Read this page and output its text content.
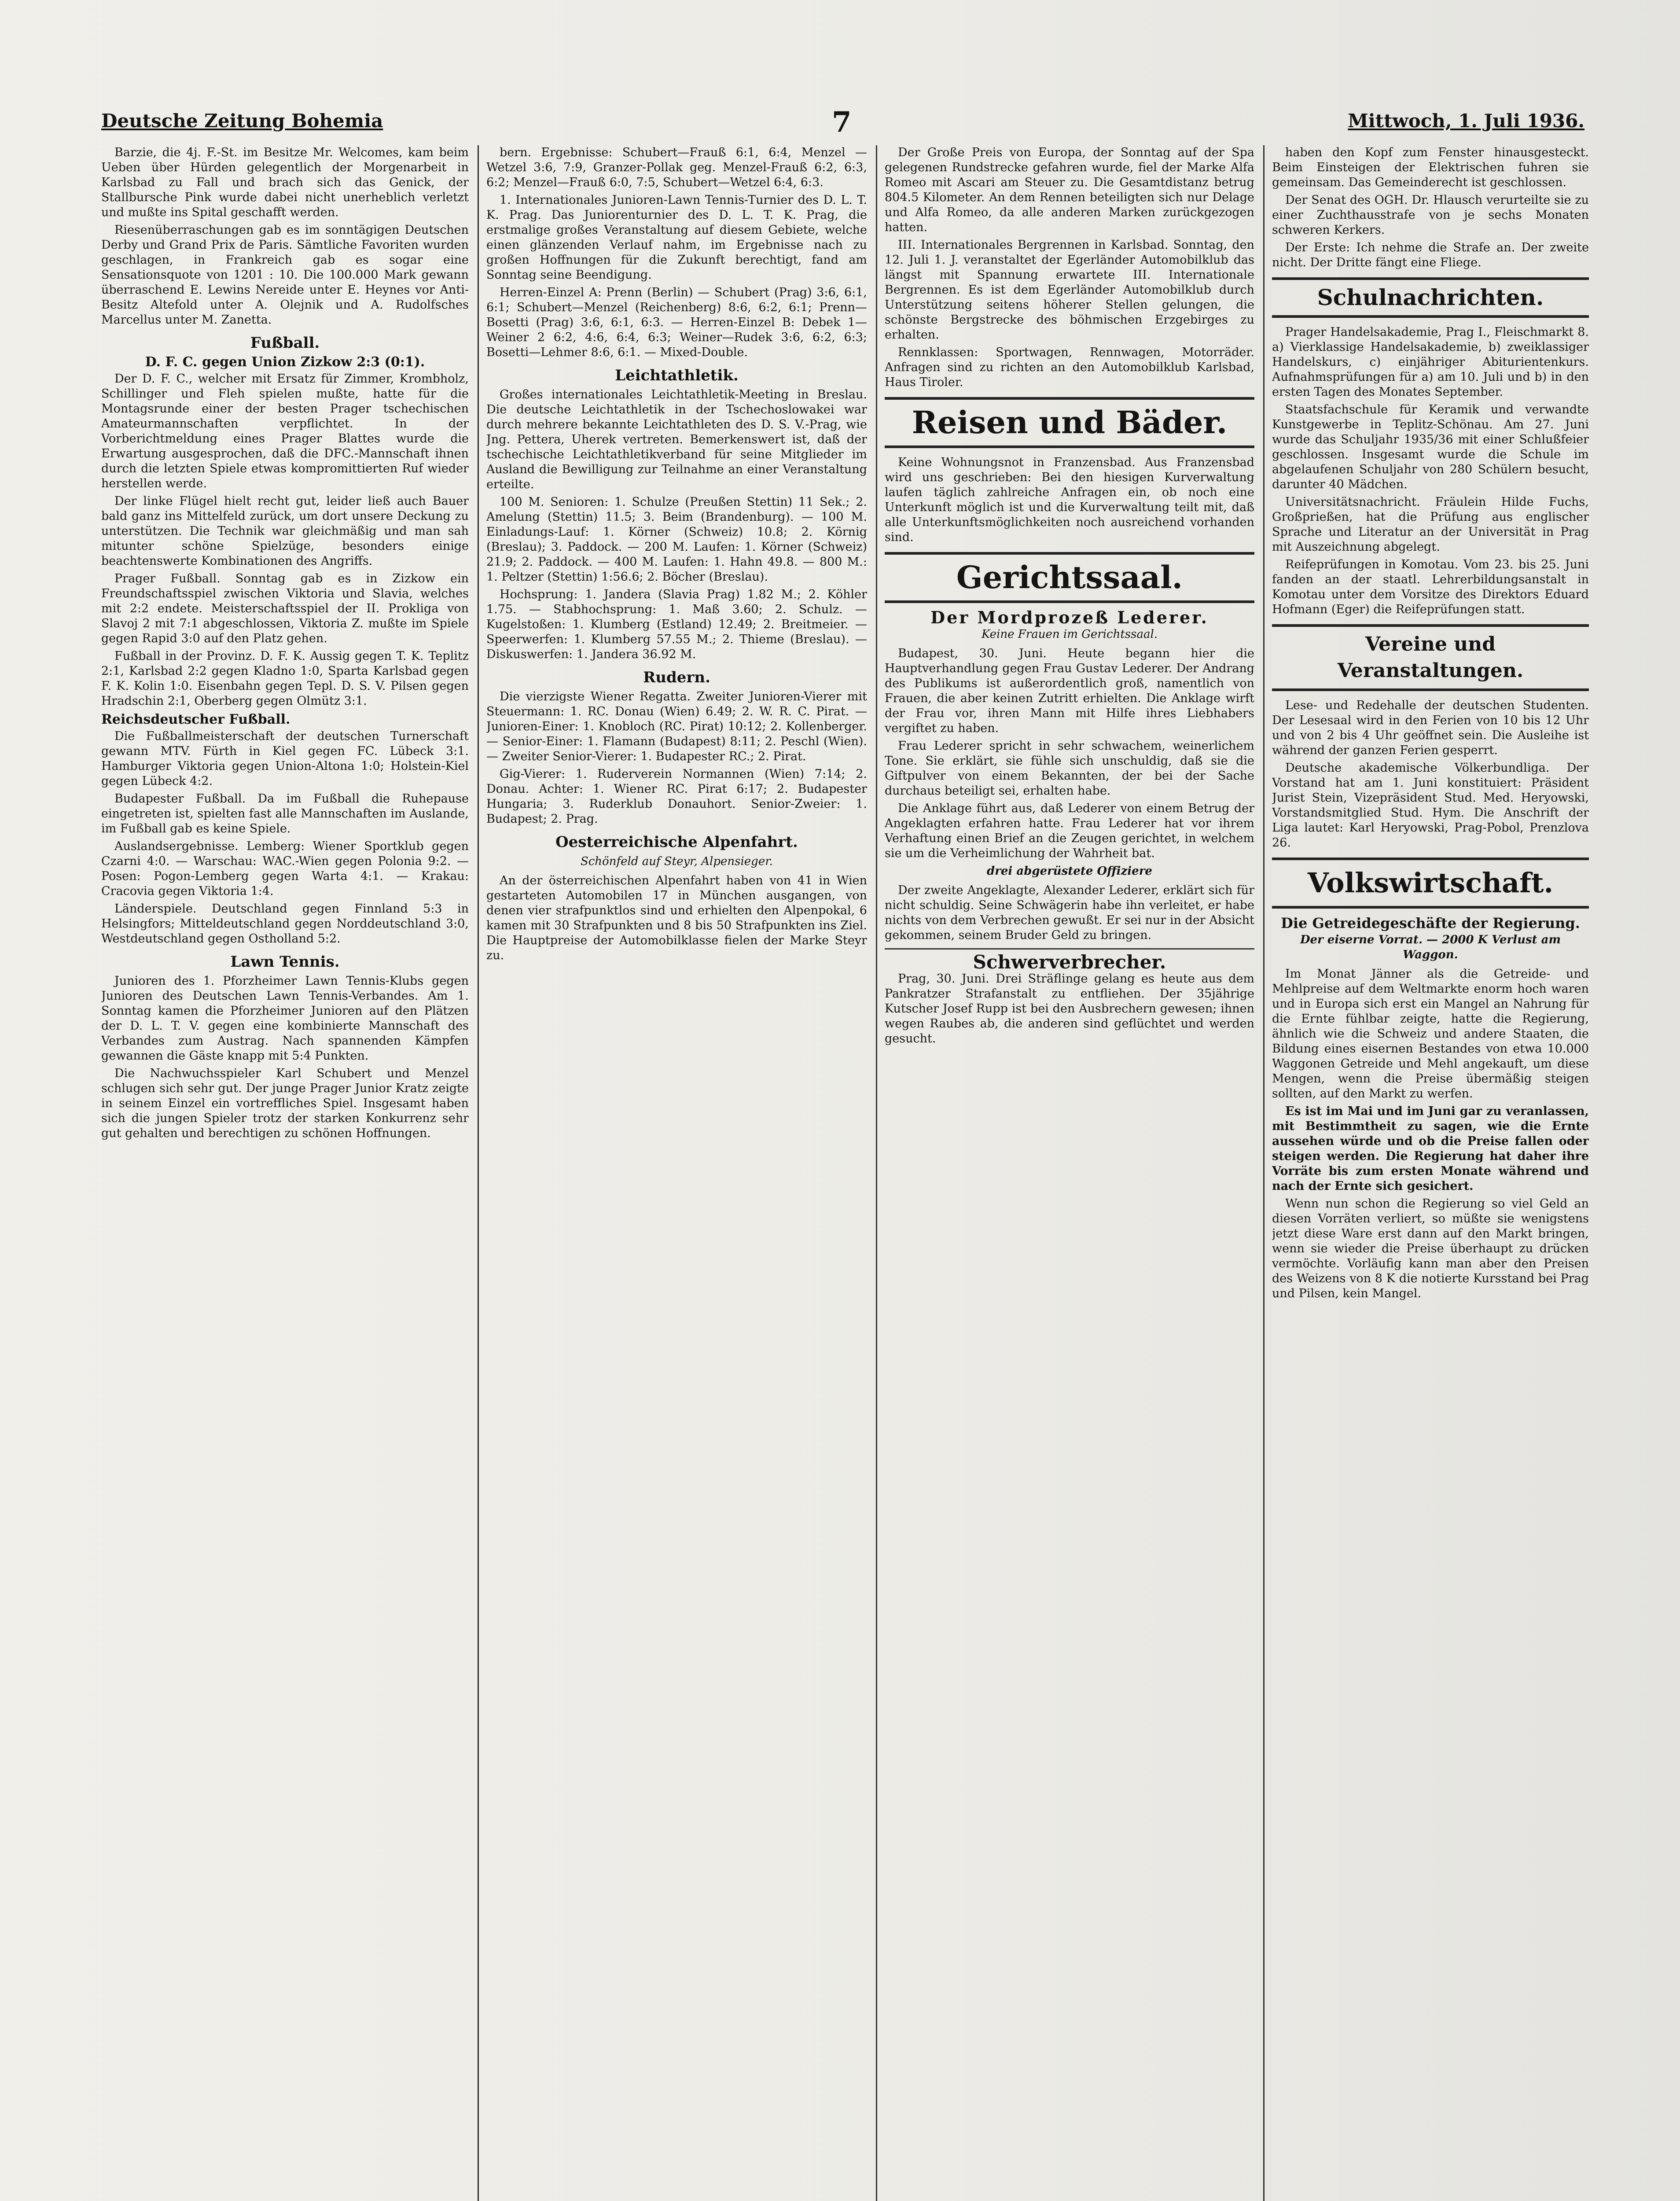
Deutsche Zeitung Bohemia	7	Mittwoch, 1. Juli 1936.

Barzie, die 4j. F.-St. im Besitze Mr. Welcomes, kam beim Ueben über Hürden gelegentlich der Morgenarbeit in Karlsbad zu Fall und brach sich das Genick, der Stallbursche Pink wurde dabei nicht unerheblich verletzt und mußte ins Spital geschafft werden.

Riesenüberraschungen gab es im sonntägigen Deutschen Derby und Grand Prix de Paris. Sämtliche Favoriten wurden geschlagen, in Frankreich gab es sogar eine Sensationsquote von 1201 : 10. Die 100.000 Mark gewann überraschend E. Lewins Nereide unter E. Heynes vor Anti-Besitz Altefold unter A. Olejnik und A. Rudolfsches Marcellus unter M. Zanetta.

Fußball.
D. F. C. gegen Union Zizkow 2:3 (0:1).

Der D. F. C., welcher mit Ersatz für Zimmer, Krombholz, Schillinger und Fleh spielen mußte, hatte für die Montagsrunde einer der besten Prager tschechischen Amateurmannschaften verpflichtet. In der Vorberichtmeldung eines Prager Blattes wurde die Erwartung ausgesprochen, daß die DFC.-Mannschaft ihnen durch die letzten Spiele etwas kompromittierten Ruf wieder herstellen werde.

Der linke Flügel hielt recht gut, leider ließ auch Bauer bald ganz ins Mittelfeld zurück, um dort unsere Deckung zu unterstützen. Die Technik war gleichmäßig und man sah mitunter schöne Spielzüge, besonders einige beachtenswerte Kombinationen des Angriffs.

Prager Fußball. Sonntag gab es in Zizkow ein Freundschaftsspiel zwischen Viktoria und Slavia, welches mit 2:2 endete. Meisterschaftsspiel der II. Prokliga von Slavoj 2 mit 7:1 abgeschlossen, Viktoria Z. mußte im Spiele gegen Rapid 3:0 auf den Platz gehen.

Fußball in der Provinz. D. F. K. Aussig gegen T. K. Teplitz 2:1, Karlsbad 2:2 gegen Kladno 1:0, Sparta Karlsbad gegen F. K. Kolin 1:0. Eisenbahn gegen Tepl. D. S. V. Pilsen gegen Hradschin 2:1, Oberberg gegen Olmütz 3:1.

Reichsdeutscher Fußball.

Die Fußballmeisterschaft der deutschen Turnerschaft gewann MTV. Fürth in Kiel gegen FC. Lübeck 3:1. Hamburger Viktoria gegen Union-Altona 1:0; Holstein-Kiel gegen Lübeck 4:2.

Budapester Fußball. Da im Fußball die Ruhepause eingetreten ist, spielten fast alle Mannschaften im Auslande, im Fußball gab es keine Spiele.

Auslandsergebnisse. Lemberg: Wiener Sportklub gegen Czarni 4:0. — Warschau: WAC.-Wien gegen Polonia 9:2. — Posen: Pogon-Lemberg gegen Warta 4:1. — Krakau: Cracovia gegen Viktoria 1:4.

Länderspiele. Deutschland gegen Finnland 5:3 in Helsingfors; Mitteldeutschland gegen Norddeutschland 3:0, Westdeutschland gegen Ostholland 5:2.

Lawn Tennis.

Junioren des 1. Pforzheimer Lawn Tennis-Klubs gegen Junioren des Deutschen Lawn Tennis-Verbandes. Am 1. Sonntag kamen die Pforzheimer Junioren auf den Plätzen der D. L. T. V. gegen eine kombinierte Mannschaft des Verbandes zum Austrag. Nach spannenden Kämpfen gewannen die Gäste knapp mit 5:4 Punkten.

Die Nachwuchsspieler Karl Schubert und Menzel schlugen sich sehr gut. Der junge Prager Junior Kratz zeigte in seinem Einzel ein vortreffliches Spiel. Insgesamt haben sich die jungen Spieler trotz der starken Konkurrenz sehr gut gehalten und berechtigen zu schönen Hoffnungen.

bern. Ergebnisse: Schubert—Frauß 6:1, 6:4, Menzel —Wetzel 3:6, 7:9, Granzer-Pollak geg. Menzel-Frauß 6:2, 6:3, 6:2; Menzel—Frauß 6:0, 7:5, Schubert—Wetzel 6:4, 6:3.

1. Internationales Junioren-Lawn Tennis-Turnier des D. L. T. K. Prag. Das Juniorenturnier des D. L. T. K. Prag, die erstmalige großes Veranstaltung auf diesem Gebiete, welche einen glänzenden Verlauf nahm, im Ergebnisse nach zu großen Hoffnungen für die Zukunft berechtigt, fand am Sonntag seine Beendigung.

Herren-Einzel A: Prenn (Berlin) — Schubert (Prag) 3:6, 6:1, 6:1; Schubert—Menzel (Reichenberg) 8:6, 6:2, 6:1; Prenn—Bosetti (Prag) 3:6, 6:1, 6:3. — Herren-Einzel B: Debek 1—Weiner 2 6:2, 4:6, 6:4, 6:3; Weiner—Rudek 3:6, 6:2, 6:3; Bosetti—Lehmer 8:6, 6:1. — Mixed-Double.

Leichtathletik.

Großes internationales Leichtathletik-Meeting in Breslau. Die deutsche Leichtathletik in der Tschechoslowakei war durch mehrere bekannte Leichtathleten des D. S. V.-Prag, wie Jng. Pettera, Uherek vertreten. Bemerkenswert ist, daß der tschechische Leichtathletikverband für seine Mitglieder im Ausland die Bewilligung zur Teilnahme an einer Veranstaltung erteilte.

100 M. Senioren: 1. Schulze (Preußen Stettin) 11 Sek.; 2. Amelung (Stettin) 11.5; 3. Beim (Brandenburg). — 100 M. Einladungs-Lauf: 1. Körner (Schweiz) 10.8; 2. Körnig (Breslau); 3. Paddock. — 200 M. Laufen: 1. Körner (Schweiz) 21.9; 2. Paddock. — 400 M. Laufen: 1. Hahn 49.8. — 800 M.: 1. Peltzer (Stettin) 1:56.6; 2. Böcher (Breslau).

Hochsprung: 1. Jandera (Slavia Prag) 1.82 M.; 2. Köhler 1.75. — Stabhochsprung: 1. Maß 3.60; 2. Schulz. — Kugelstoßen: 1. Klumberg (Estland) 12.49; 2. Breitmeier. — Speerwerfen: 1. Klumberg 57.55 M.; 2. Thieme (Breslau). — Diskuswerfen: 1. Jandera 36.92 M.

Rudern.

Die vierzigste Wiener Regatta. Zweiter Junioren-Vierer mit Steuermann: 1. RC. Donau (Wien) 6.49; 2. W. R. C. Pirat. — Junioren-Einer: 1. Knobloch (RC. Pirat) 10:12; 2. Kollenberger. — Senior-Einer: 1. Flamann (Budapest) 8:11; 2. Peschl (Wien). — Zweiter Senior-Vierer: 1. Budapester RC.; 2. Pirat.

Gig-Vierer: 1. Ruderverein Normannen (Wien) 7:14; 2. Donau. Achter: 1. Wiener RC. Pirat 6:17; 2. Budapester Hungaria; 3. Ruderklub Donauhort. Senior-Zweier: 1. Budapest; 2. Prag.

Oesterreichische Alpenfahrt.
Schönfeld auf Steyr, Alpensieger.

An der österreichischen Alpenfahrt haben von 41 in Wien gestarteten Automobilen 17 in München ausgangen, von denen vier strafpunktlos sind und erhielten den Alpenpokal, 6 kamen mit 30 Strafpunkten und 8 bis 50 Strafpunkten ins Ziel. Die Hauptpreise der Automobilklasse fielen der Marke Steyr zu.

Der Große Preis von Europa, der Sonntag auf der Spa gelegenen Rundstrecke gefahren wurde, fiel der Marke Alfa Romeo mit Ascari am Steuer zu. Die Gesamtdistanz betrug 804.5 Kilometer. An dem Rennen beteiligten sich nur Delage und Alfa Romeo, da alle anderen Marken zurückgezogen hatten.

III. Internationales Bergrennen in Karlsbad. Sonntag, den 12. Juli 1. J. veranstaltet der Egerländer Automobilklub das längst mit Spannung erwartete III. Internationale Bergrennen. Es ist dem Egerländer Automobilklub durch Unterstützung seitens höherer Stellen gelungen, die schönste Bergstrecke des böhmischen Erzgebirges zu erhalten.

Rennklassen: Sportwagen, Rennwagen, Motorräder. Anfragen sind zu richten an den Automobilklub Karlsbad, Haus Tiroler.

Reisen und Bäder.

Keine Wohnungsnot in Franzensbad. Aus Franzensbad wird uns geschrieben: Bei den hiesigen Kurverwaltung laufen täglich zahlreiche Anfragen ein, ob noch eine Unterkunft möglich ist und die Kurverwaltung teilt mit, daß alle Unterkunftsmöglichkeiten noch ausreichend vorhanden sind.

Gerichtssaal.
Der Mordprozeß Lederer.
Keine Frauen im Gerichtssaal.

Budapest, 30. Juni. Heute begann hier die Hauptverhandlung gegen Frau Gustav Lederer. Der Andrang des Publikums ist außerordentlich groß, namentlich von Frauen, die aber keinen Zutritt erhielten. Die Anklage wirft der Frau vor, ihren Mann mit Hilfe ihres Liebhabers vergiftet zu haben.

Frau Lederer spricht in sehr schwachem, weinerlichem Tone. Sie erklärt, sie fühle sich unschuldig, daß sie die Giftpulver von einem Bekannten, der bei der Sache durchaus beteiligt sei, erhalten habe.

Die Anklage führt aus, daß Lederer von einem Betrug der Angeklagten erfahren hatte. Frau Lederer hat vor ihrem Verhaftung einen Brief an die Zeugen gerichtet, in welchem sie um die Verheimlichung der Wahrheit bat.

drei abgerüstete Offiziere

Der zweite Angeklagte, Alexander Lederer, erklärt sich für nicht schuldig. Seine Schwägerin habe ihn verleitet, er habe nichts von dem Verbrechen gewußt. Er sei nur in der Absicht gekommen, seinem Bruder Geld zu bringen.

Schwerverbrecher.

Prag, 30. Juni. Drei Sträflinge gelang es heute aus dem Pankratzer Strafanstalt zu entfliehen. Der 35jährige Kutscher Josef Rupp ist bei den Ausbrechern gewesen; ihnen wegen Raubes ab, die anderen sind geflüchtet und werden gesucht.

haben den Kopf zum Fenster hinausgesteckt. Beim Einsteigen der Elektrischen fuhren sie gemeinsam. Das Gemeinderecht ist geschlossen.

Der Senat des OGH. Dr. Hlausch verurteilte sie zu einer Zuchthausstrafe von je sechs Monaten schweren Kerkers.

Der Erste: Ich nehme die Strafe an. Der zweite nicht. Der Dritte fängt eine Fliege.

Schulnachrichten.

Prager Handelsakademie, Prag I., Fleischmarkt 8. a) Vierklassige Handelsakademie, b) zweiklassiger Handelskurs, c) einjähriger Abiturientenkurs. Aufnahmsprüfungen für a) am 10. Juli und b) in den ersten Tagen des Monates September.

Staatsfachschule für Keramik und verwandte Kunstgewerbe in Teplitz-Schönau. Am 27. Juni wurde das Schuljahr 1935/36 mit einer Schlußfeier geschlossen. Insgesamt wurde die Schule im abgelaufenen Schuljahr von 280 Schülern besucht, darunter 40 Mädchen.

Universitätsnachricht. Fräulein Hilde Fuchs, Großprießen, hat die Prüfung aus englischer Sprache und Literatur an der Universität in Prag mit Auszeichnung abgelegt.

Reifeprüfungen in Komotau. Vom 23. bis 25. Juni fanden an der staatl. Lehrerbildungsanstalt in Komotau unter dem Vorsitze des Direktors Eduard Hofmann (Eger) die Reifeprüfungen statt.

Vereine und Veranstaltungen.

Lese- und Redehalle der deutschen Studenten. Der Lesesaal wird in den Ferien von 10 bis 12 Uhr und von 2 bis 4 Uhr geöffnet sein. Die Ausleihe ist während der ganzen Ferien gesperrt.

Deutsche akademische Völkerbundliga. Der Vorstand hat am 1. Juni konstituiert: Präsident Jurist Stein, Vizepräsident Stud. Med. Heryowski, Vorstandsmitglied Stud. Hym. Die Anschrift der Liga lautet: Karl Heryowski, Prag-Pobol, Prenzlova 26.

Volkswirtschaft.
Die Getreidegeschäfte der Regierung.
Der eiserne Vorrat. — 2000 K Verlust am Waggon.

Im Monat Jänner als die Getreide- und Mehlpreise auf dem Weltmarkte enorm hoch waren und in Europa sich erst ein Mangel an Nahrung für die Ernte fühlbar zeigte, hatte die Regierung, ähnlich wie die Schweiz und andere Staaten, die Bildung eines eisernen Bestandes von etwa 10.000 Waggonen Getreide und Mehl angekauft, um diese Mengen, wenn die Preise übermäßig steigen sollten, auf den Markt zu werfen.

Es ist im Mai und im Juni gar zu veranlassen, mit Bestimmtheit zu sagen, wie die Ernte aussehen würde und ob die Preise fallen oder steigen werden. Die Regierung hat daher ihre Vorräte bis zum ersten Monate während und nach der Ernte sich gesichert.

Wenn nun schon die Regierung so viel Geld an diesen Vorräten verliert, so müßte sie wenigstens jetzt diese Ware erst dann auf den Markt bringen, wenn sie wieder die Preise überhaupt zu drücken vermöchte. Vorläufig kann man aber den Preisen des Weizens von 8 K die notierte Kursstand bei Prag und Pilsen, kein Mangel.
